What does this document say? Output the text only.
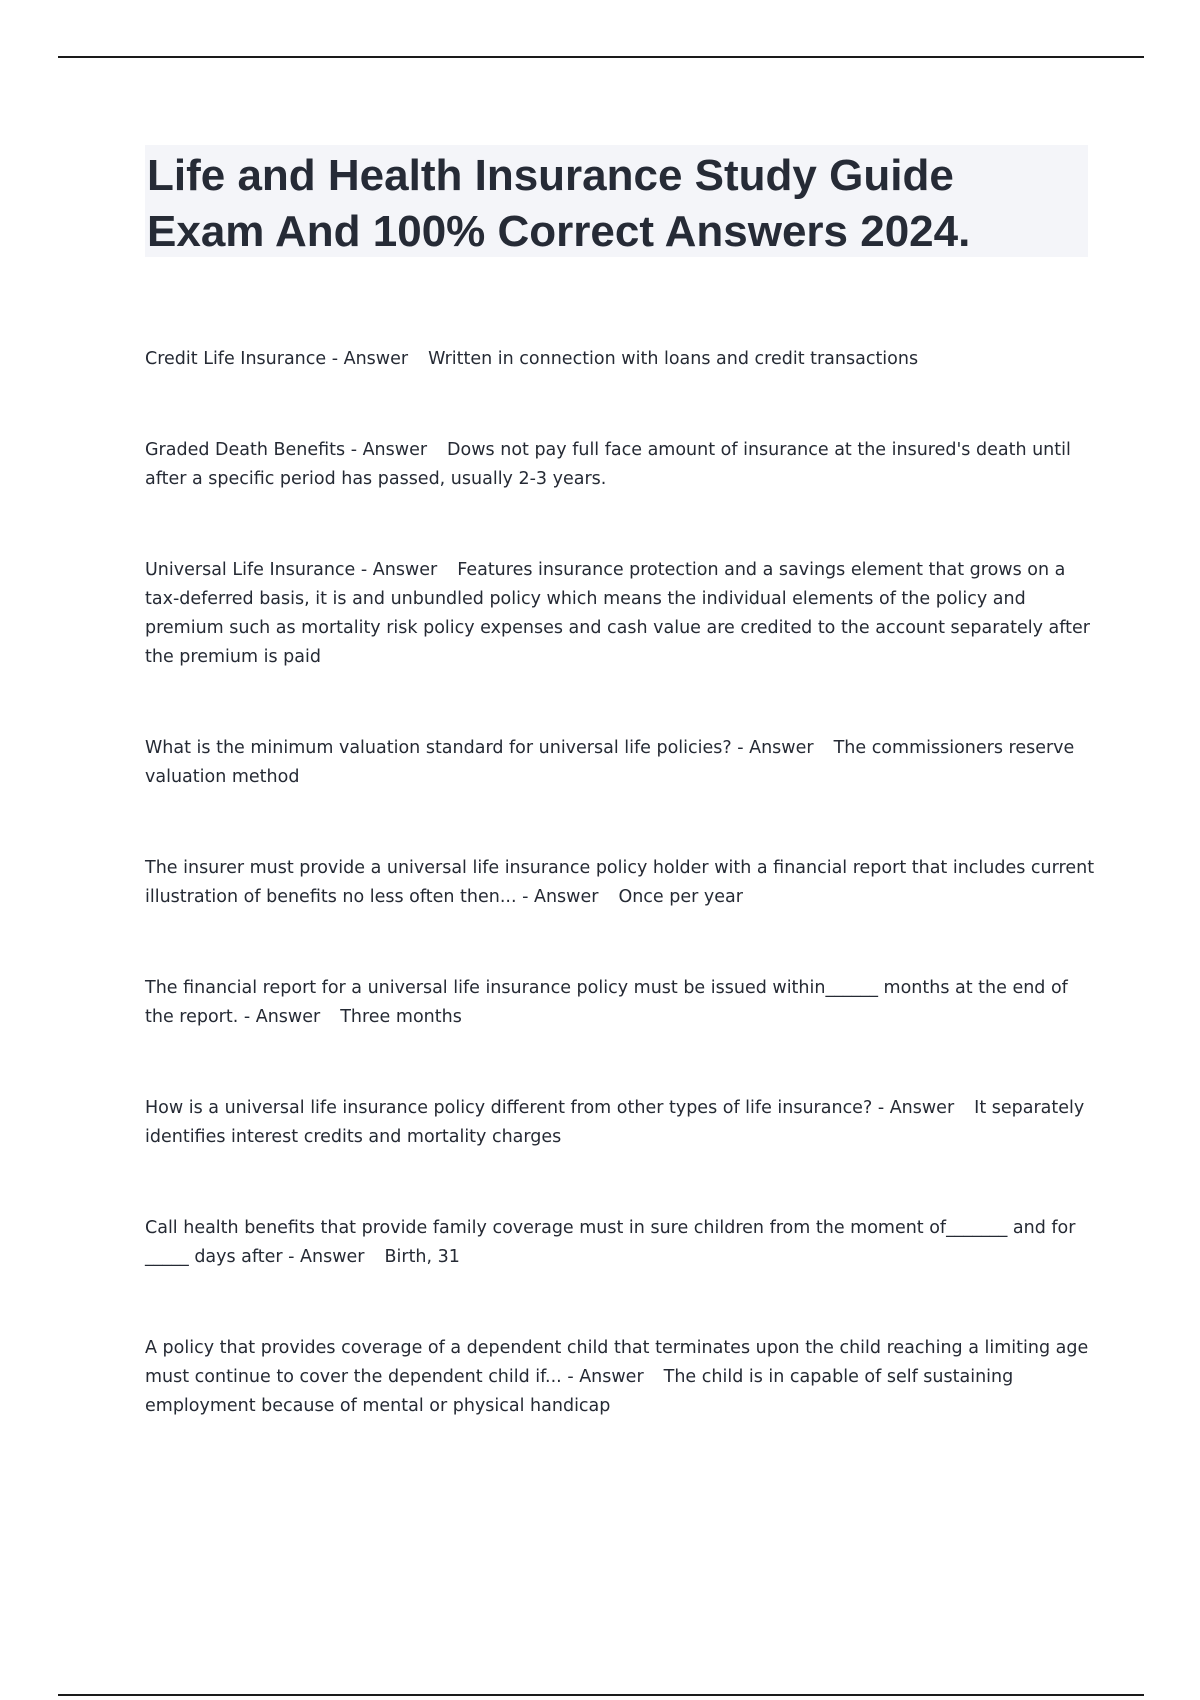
Life and Health Insurance Study Guide
Exam And 100% Correct Answers 2024.
Credit Life Insurance - Answer Written in connection with loans and credit transactions
Graded Death Benefits - Answer Dows not pay full face amount of insurance at the insured's death until after a specific period has passed, usually 2-3 years.
Universal Life Insurance - Answer Features insurance protection and a savings element that grows on a tax-deferred basis, it is and unbundled policy which means the individual elements of the policy and premium such as mortality risk policy expenses and cash value are credited to the account separately after the premium is paid
What is the minimum valuation standard for universal life policies? - Answer The commissioners reserve valuation method
The insurer must provide a universal life insurance policy holder with a financial report that includes current illustration of benefits no less often then... - Answer Once per year
The financial report for a universal life insurance policy must be issued within______ months at the end of the report. - Answer Three months
How is a universal life insurance policy different from other types of life insurance? - Answer It separately identifies interest credits and mortality charges
Call health benefits that provide family coverage must in sure children from the moment of_______ and for _____ days after - Answer Birth, 31
A policy that provides coverage of a dependent child that terminates upon the child reaching a limiting age must continue to cover the dependent child if... - Answer The child is in capable of self sustaining employment because of mental or physical handicap
